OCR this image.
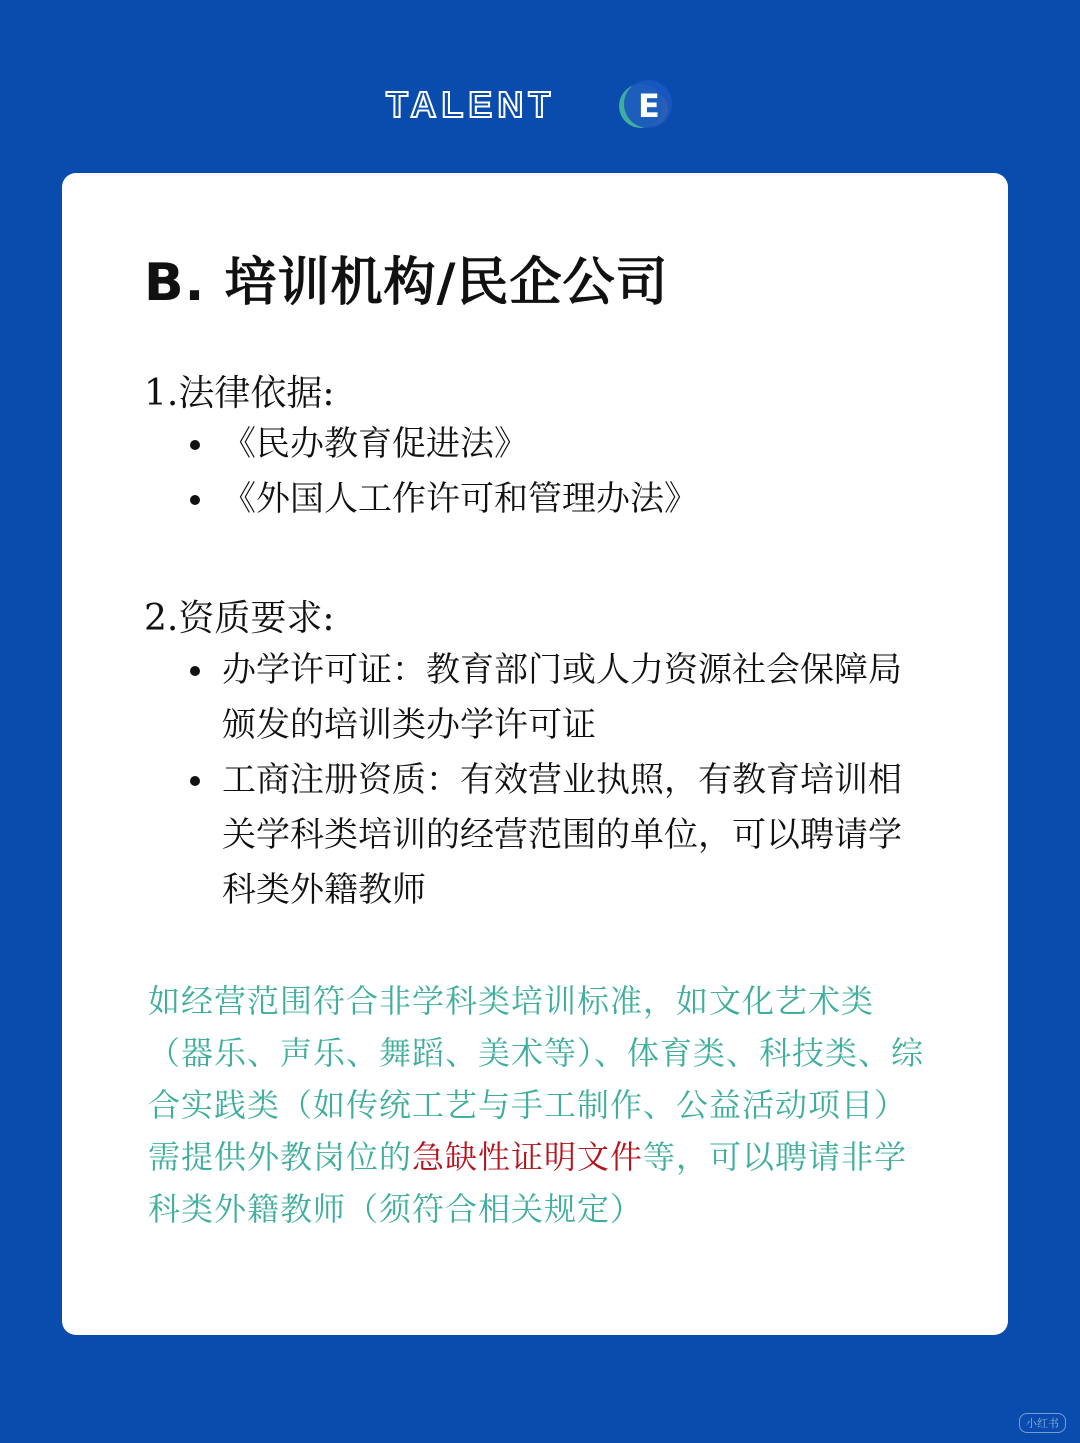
TALENT	E
B. 培训机构/民企公司
1.法律依据:
《民办教育促进法》
《外国人工作许可和管理办法》
2.资质要求:
办学许可证：教育部门或人力资源社会保障局颁发的培训类办学许可证
工商注册资质：有效营业执照，有教育培训相关学科类培训的经营范围的单位，可以聘请学科类外籍教师
如经营范围符合非学科类培训标准，如文化艺术类（器乐、声乐、舞蹈、美术等）、体育类、科技类、综合实践类（如传统工艺与手工制作、公益活动项目）需提供外教岗位的急缺性证明文件等，可以聘请非学科类外籍教师（须符合相关规定）
小红书
